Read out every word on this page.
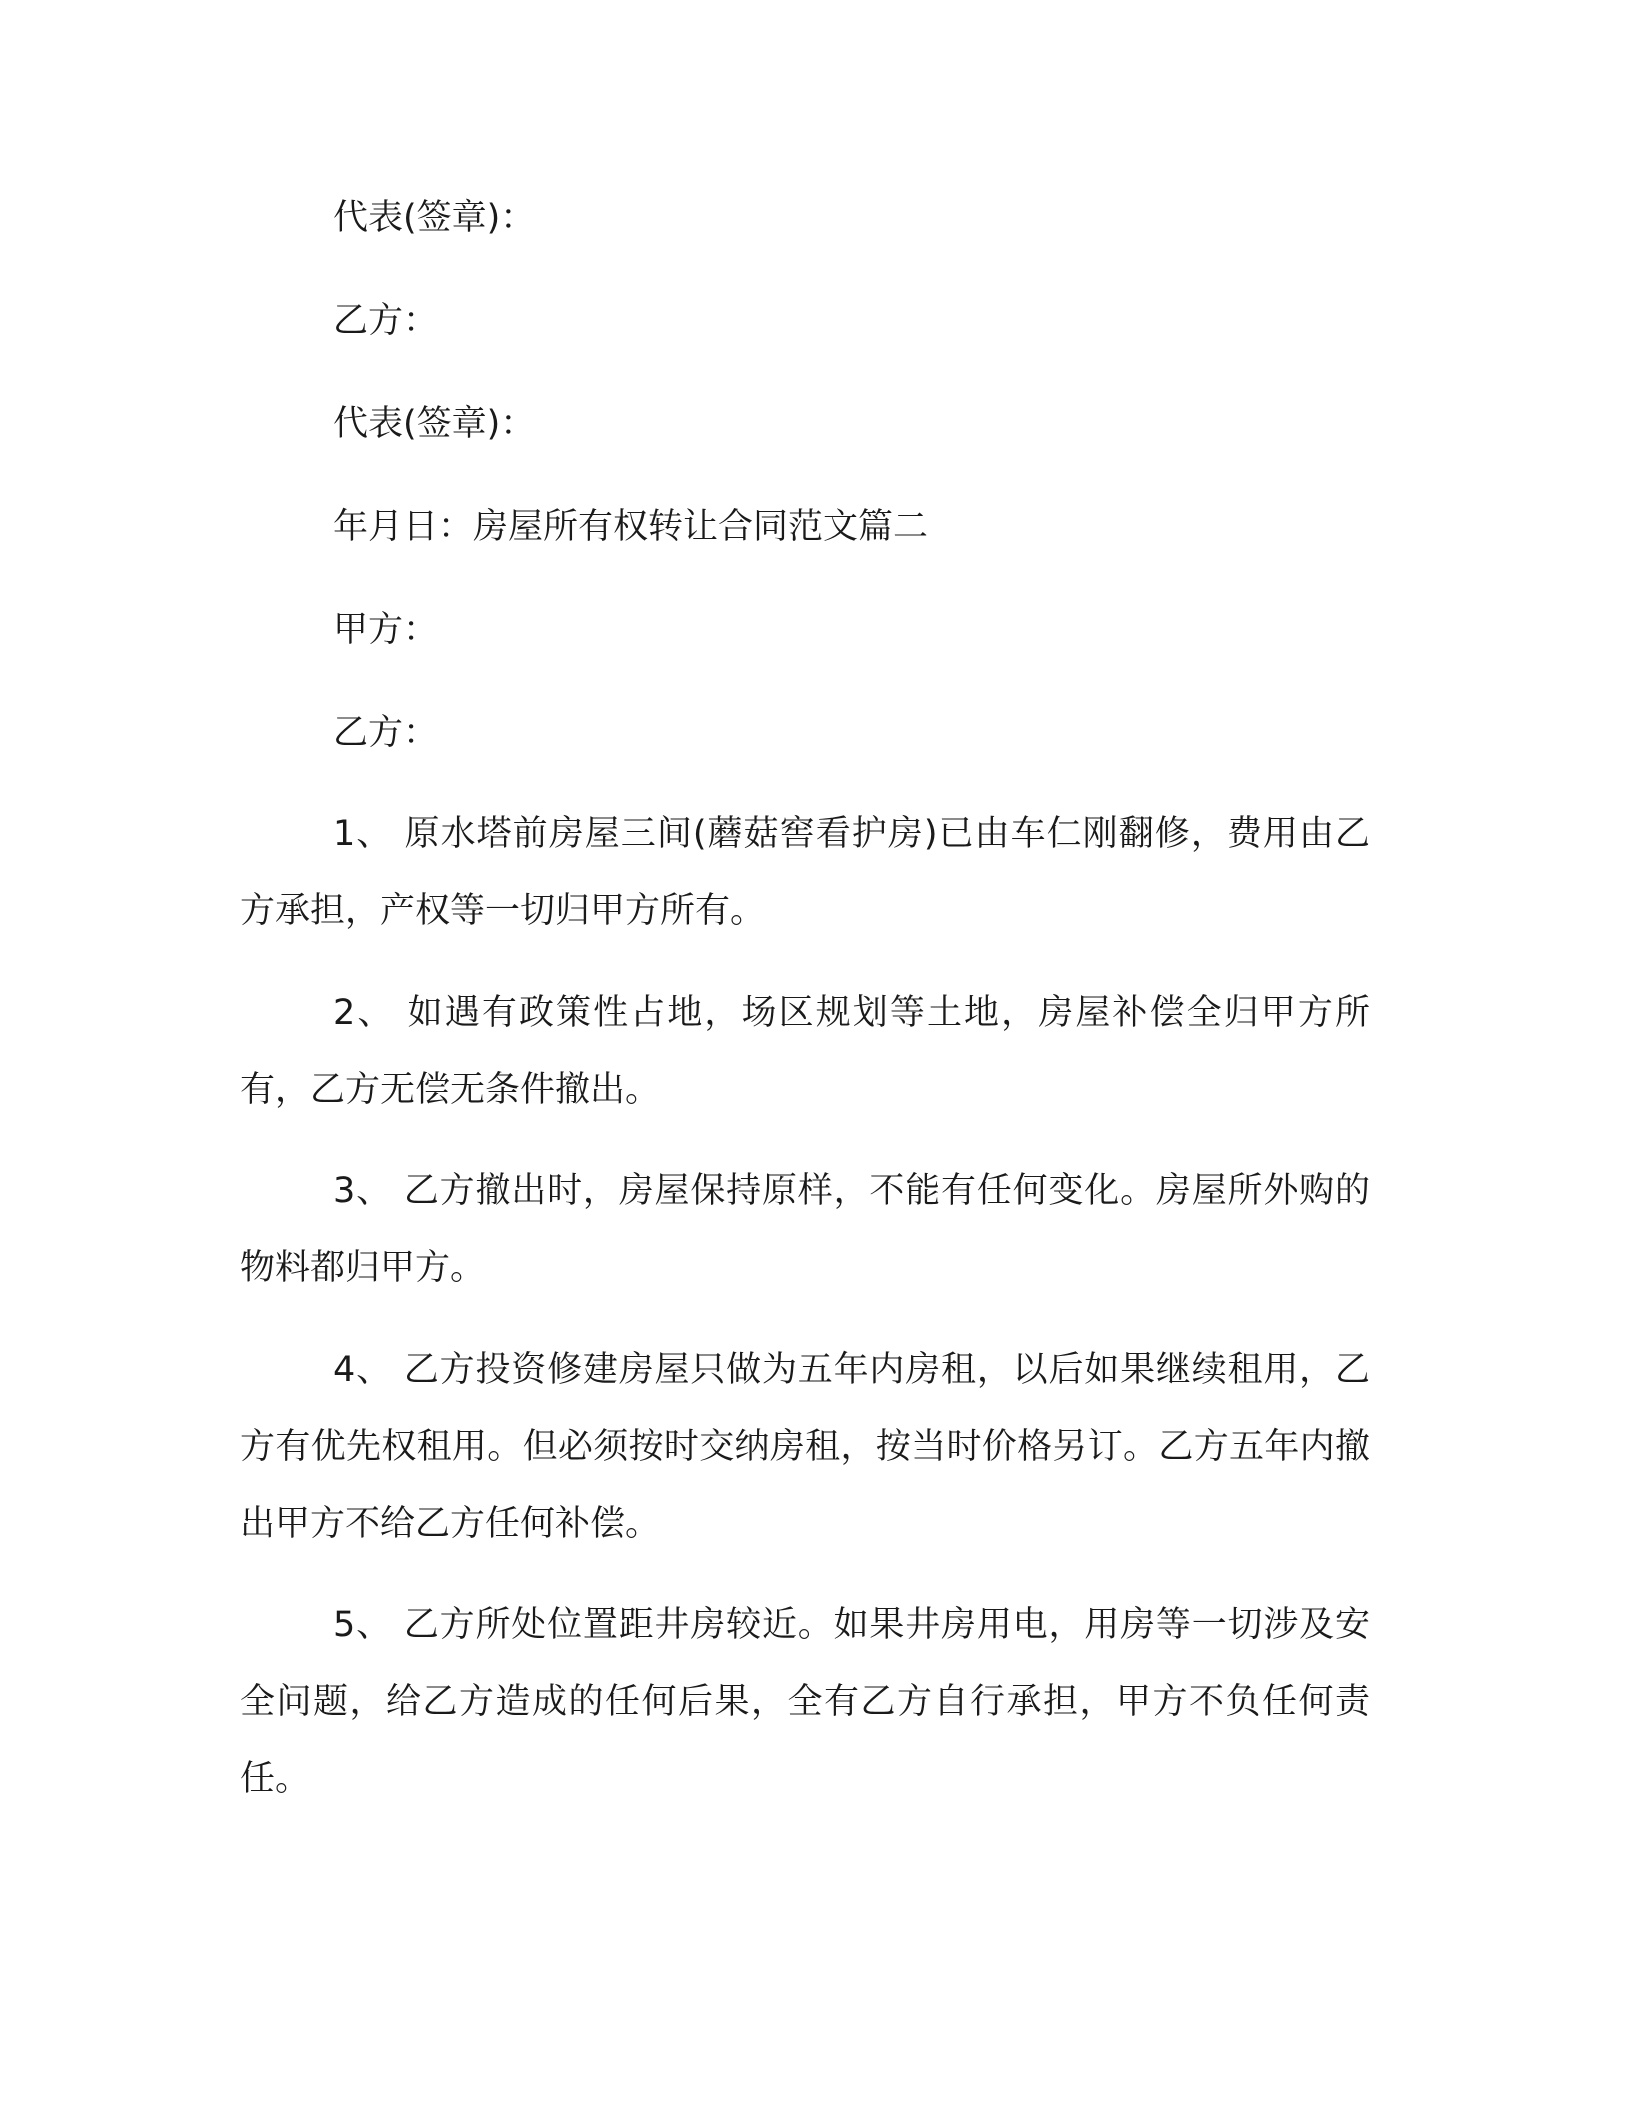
代表(签章)：

乙方：

代表(签章)：

年月日：房屋所有权转让合同范文篇二

甲方：

乙方：

1、 原水塔前房屋三间(蘑菇窖看护房)已由车仁刚翻修，费用由乙方承担，产权等一切归甲方所有。

2、 如遇有政策性占地，场区规划等土地，房屋补偿全归甲方所有，乙方无偿无条件撤出。

3、 乙方撤出时，房屋保持原样，不能有任何变化。房屋所外购的物料都归甲方。

4、 乙方投资修建房屋只做为五年内房租，以后如果继续租用，乙方有优先权租用。但必须按时交纳房租，按当时价格另订。乙方五年内撤出甲方不给乙方任何补偿。

5、 乙方所处位置距井房较近。如果井房用电，用房等一切涉及安全问题，给乙方造成的任何后果，全有乙方自行承担，甲方不负任何责任。
